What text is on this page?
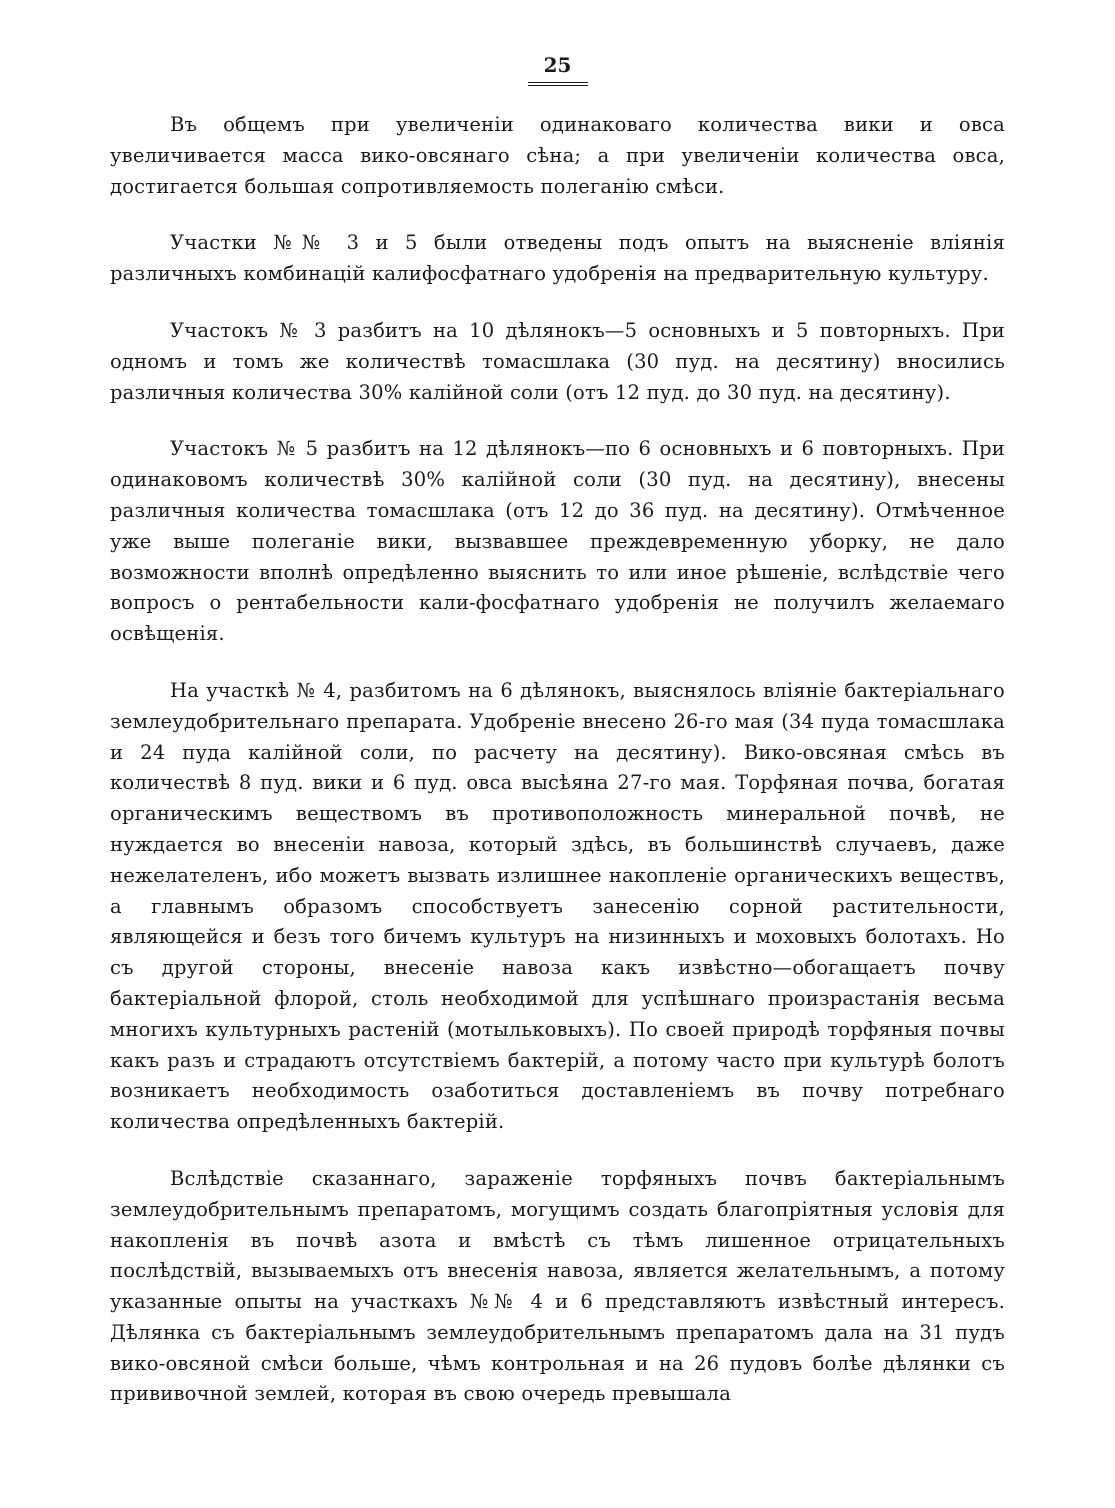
25

Въ общемъ при увеличеніи одинаковаго количества вики и овса увеличивается масса вико-овсянаго сѣна; а при увеличеніи количества овса, достигается большая сопротивляемость полеганію смѣси.

Участки №№ 3 и 5 были отведены подъ опытъ на выясненіе вліянія различныхъ комбинацій калифосфатнаго удобренія на предварительную культуру.

Участокъ № 3 разбитъ на 10 дѣлянокъ—5 основныхъ и 5 повторныхъ. При одномъ и томъ же количествѣ томасшлака (30 пуд. на десятину) вносились различныя количества 30% калійной соли (отъ 12 пуд. до 30 пуд. на десятину).

Участокъ № 5 разбитъ на 12 дѣлянокъ—по 6 основныхъ и 6 повторныхъ. При одинаковомъ количествѣ 30% калійной соли (30 пуд. на десятину), внесены различныя количества томасшлака (отъ 12 до 36 пуд. на десятину). Отмѣченное уже выше полеганіе вики, вызвавшее преждевременную уборку, не дало возможности вполнѣ опредѣленно выяснить то или иное рѣшеніе, вслѣдствіе чего вопросъ о рентабельности кали-фосфатнаго удобренія не получилъ желаемаго освѣщенія.

На участкѣ № 4, разбитомъ на 6 дѣлянокъ, выяснялось вліяніе бактеріальнаго землеудобрительнаго препарата. Удобреніе внесено 26-го мая (34 пуда томасшлака и 24 пуда калійной соли, по расчету на десятину). Вико-овсяная смѣсь въ количествѣ 8 пуд. вики и 6 пуд. овса высѣяна 27-го мая. Торфяная почва, богатая органическимъ веществомъ въ противоположность минеральной почвѣ, не нуждается во внесеніи навоза, который здѣсь, въ большинствѣ случаевъ, даже нежелателенъ, ибо можетъ вызвать излишнее накопленіе органическихъ веществъ, а главнымъ образомъ способствуетъ занесенію сорной растительности, являющейся и безъ того бичемъ культуръ на низинныхъ и моховыхъ болотахъ. Но съ другой стороны, внесеніе навоза какъ извѣстно—обогащаетъ почву бактеріальной флорой, столь необходимой для успѣшнаго произрастанія весьма многихъ культурныхъ растеній (мотыльковыхъ). По своей природѣ торфяныя почвы какъ разъ и страдаютъ отсутствіемъ бактерій, а потому часто при культурѣ болотъ возникаетъ необходимость озаботиться доставленіемъ въ почву потребнаго количества опредѣленныхъ бактерій.

Вслѣдствіе сказаннаго, зараженіе торфяныхъ почвъ бактеріальнымъ землеудобрительнымъ препаратомъ, могущимъ создать благопріятныя условія для накопленія въ почвѣ азота и вмѣстѣ съ тѣмъ лишенное отрицательныхъ послѣдствій, вызываемыхъ отъ внесенія навоза, является желательнымъ, а потому указанные опыты на участкахъ №№ 4 и 6 представляютъ извѣстный интересъ. Дѣлянка съ бактеріальнымъ землеудобрительнымъ препаратомъ дала на 31 пудъ вико-овсяной смѣси больше, чѣмъ контрольная и на 26 пудовъ болѣе дѣлянки съ прививочной землей, которая въ свою очередь превышала
